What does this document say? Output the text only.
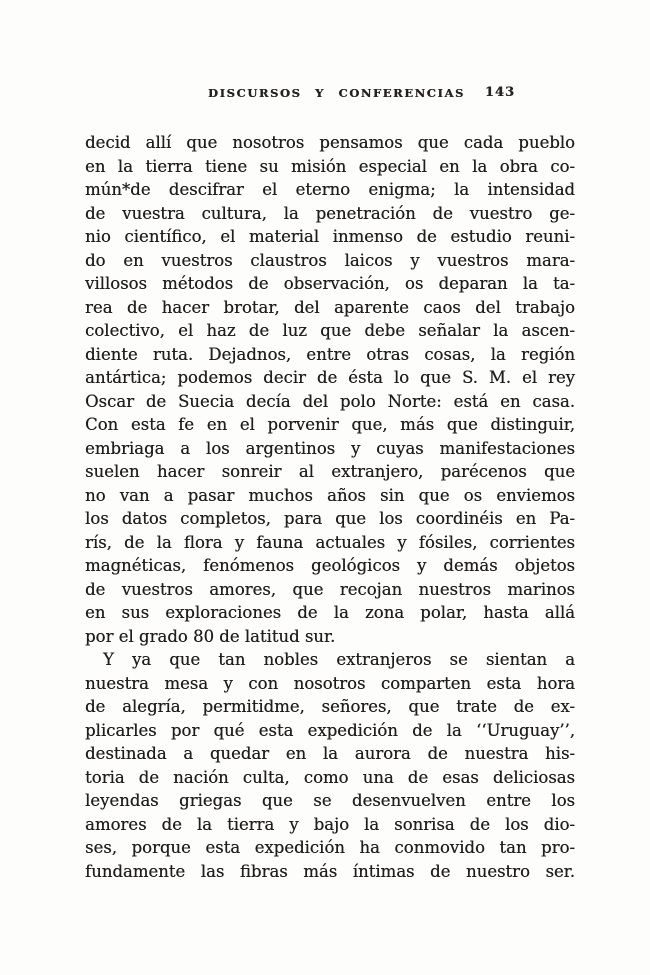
DISCURSOS Y CONFERENCIAS 143
decid allí que nosotros pensamos que cada pueblo
en la tierra tiene su misión especial en la obra co-
mún*de descifrar el eterno enigma; la intensidad
de vuestra cultura, la penetración de vuestro ge-
nio científico, el material inmenso de estudio reuni-
do en vuestros claustros laicos y vuestros mara-
villosos métodos de observación, os deparan la ta-
rea de hacer brotar, del aparente caos del trabajo
colectivo, el haz de luz que debe señalar la ascen-
diente ruta. Dejadnos, entre otras cosas, la región
antártica; podemos decir de ésta lo que S. M. el rey
Oscar de Suecia decía del polo Norte: está en casa.
Con esta fe en el porvenir que, más que distinguir,
embriaga a los argentinos y cuyas manifestaciones
suelen hacer sonreir al extranjero, parécenos que
no van a pasar muchos años sin que os enviemos
los datos completos, para que los coordinéis en Pa-
rís, de la flora y fauna actuales y fósiles, corrientes
magnéticas, fenómenos geológicos y demás objetos
de vuestros amores, que recojan nuestros marinos
en sus exploraciones de la zona polar, hasta allá
por el grado 80 de latitud sur.
Y ya que tan nobles extranjeros se sientan a
nuestra mesa y con nosotros comparten esta hora
de alegría, permitidme, señores, que trate de ex-
plicarles por qué esta expedición de la ‘‘Uruguay’’,
destinada a quedar en la aurora de nuestra his-
toria de nación culta, como una de esas deliciosas
leyendas griegas que se desenvuelven entre los
amores de la tierra y bajo la sonrisa de los dio-
ses, porque esta expedición ha conmovido tan pro-
fundamente las fibras más íntimas de nuestro ser.
